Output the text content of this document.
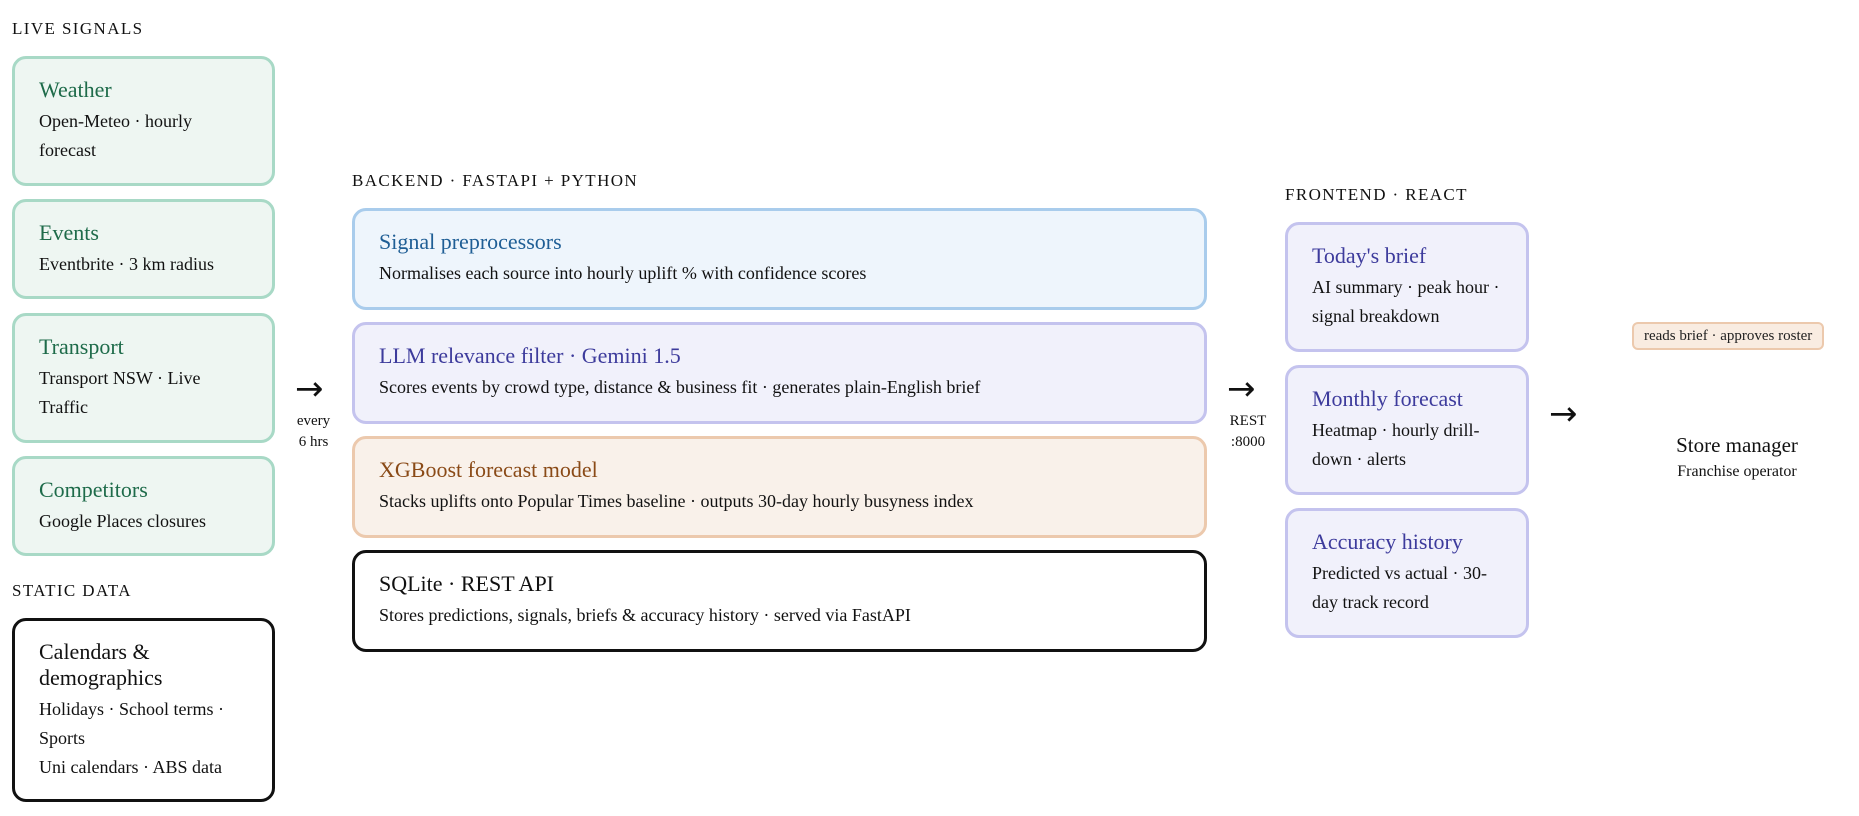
LIVE SIGNALS
Weather
Open-Meteo · hourly forecast
Events
Eventbrite · 3 km radius
Transport
Transport NSW · Live Traffic
Competitors
Google Places closures
STATIC DATA
Calendars & demographics
Holidays · School terms · Sports
Uni calendars · ABS data
→
every
6 hrs
BACKEND · FASTAPI + PYTHON
Signal preprocessors
Normalises each source into hourly uplift % with confidence scores
LLM relevance filter · Gemini 1.5
Scores events by crowd type, distance & business fit · generates plain-English brief
XGBoost forecast model
Stacks uplifts onto Popular Times baseline · outputs 30-day hourly busyness index
SQLite · REST API
Stores predictions, signals, briefs & accuracy history · served via FastAPI
→
REST
:8000
FRONTEND · REACT
Today's brief
AI summary · peak hour · signal breakdown
Monthly forecast
Heatmap · hourly drill-down · alerts
Accuracy history
Predicted vs actual · 30-day track record
→
reads brief · approves roster
Store manager
Franchise operator
